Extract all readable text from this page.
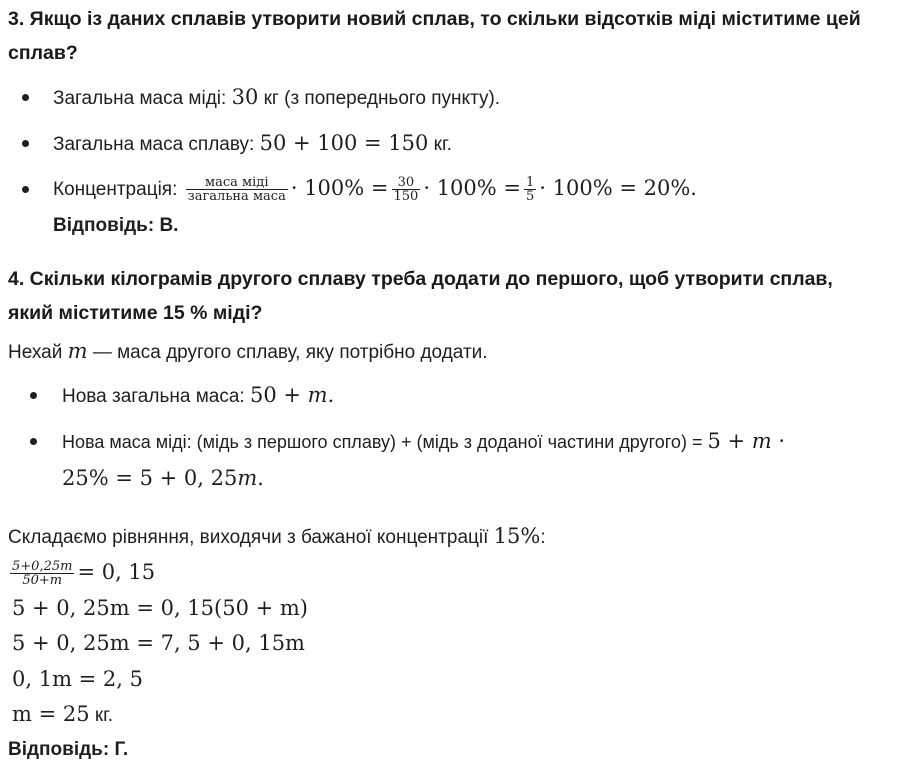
3. Якщо із даних сплавів утворити новий сплав, то скільки відсотків міді міститиме цей
сплав?
Загальна маса міді: 30 кг (з попереднього пункту).
Загальна маса сплаву: 50 + 100 = 150 кг.
Концентрація: $\frac{\text{маса міді}}{\text{загальна маса}} \cdot 100\% = \frac{30}{150} \cdot 100\% = \frac{1}{5} \cdot 100\% = 20\%$.
Відповідь: В.
4. Скільки кілограмів другого сплаву треба додати до першого, щоб утворити сплав,
який міститиме 15 % міді?
Нехай m — маса другого сплаву, яку потрібно додати.
Нова загальна маса: 50 + m.
Нова маса міді: (мідь з першого сплаву) + (мідь з доданої частини другого) = 5 + m ·
25% = 5 + 0, 25m.
Складаємо рівняння, виходячи з бажаної концентрації 15%:
$\frac{5+0,25m}{50+m} = 0$, 15
5 + 0, 25m = 0, 15(50 + m)
5 + 0, 25m = 7, 5 + 0, 15m
0, 1m = 2, 5
m = 25 кг.
Відповідь: Г.
